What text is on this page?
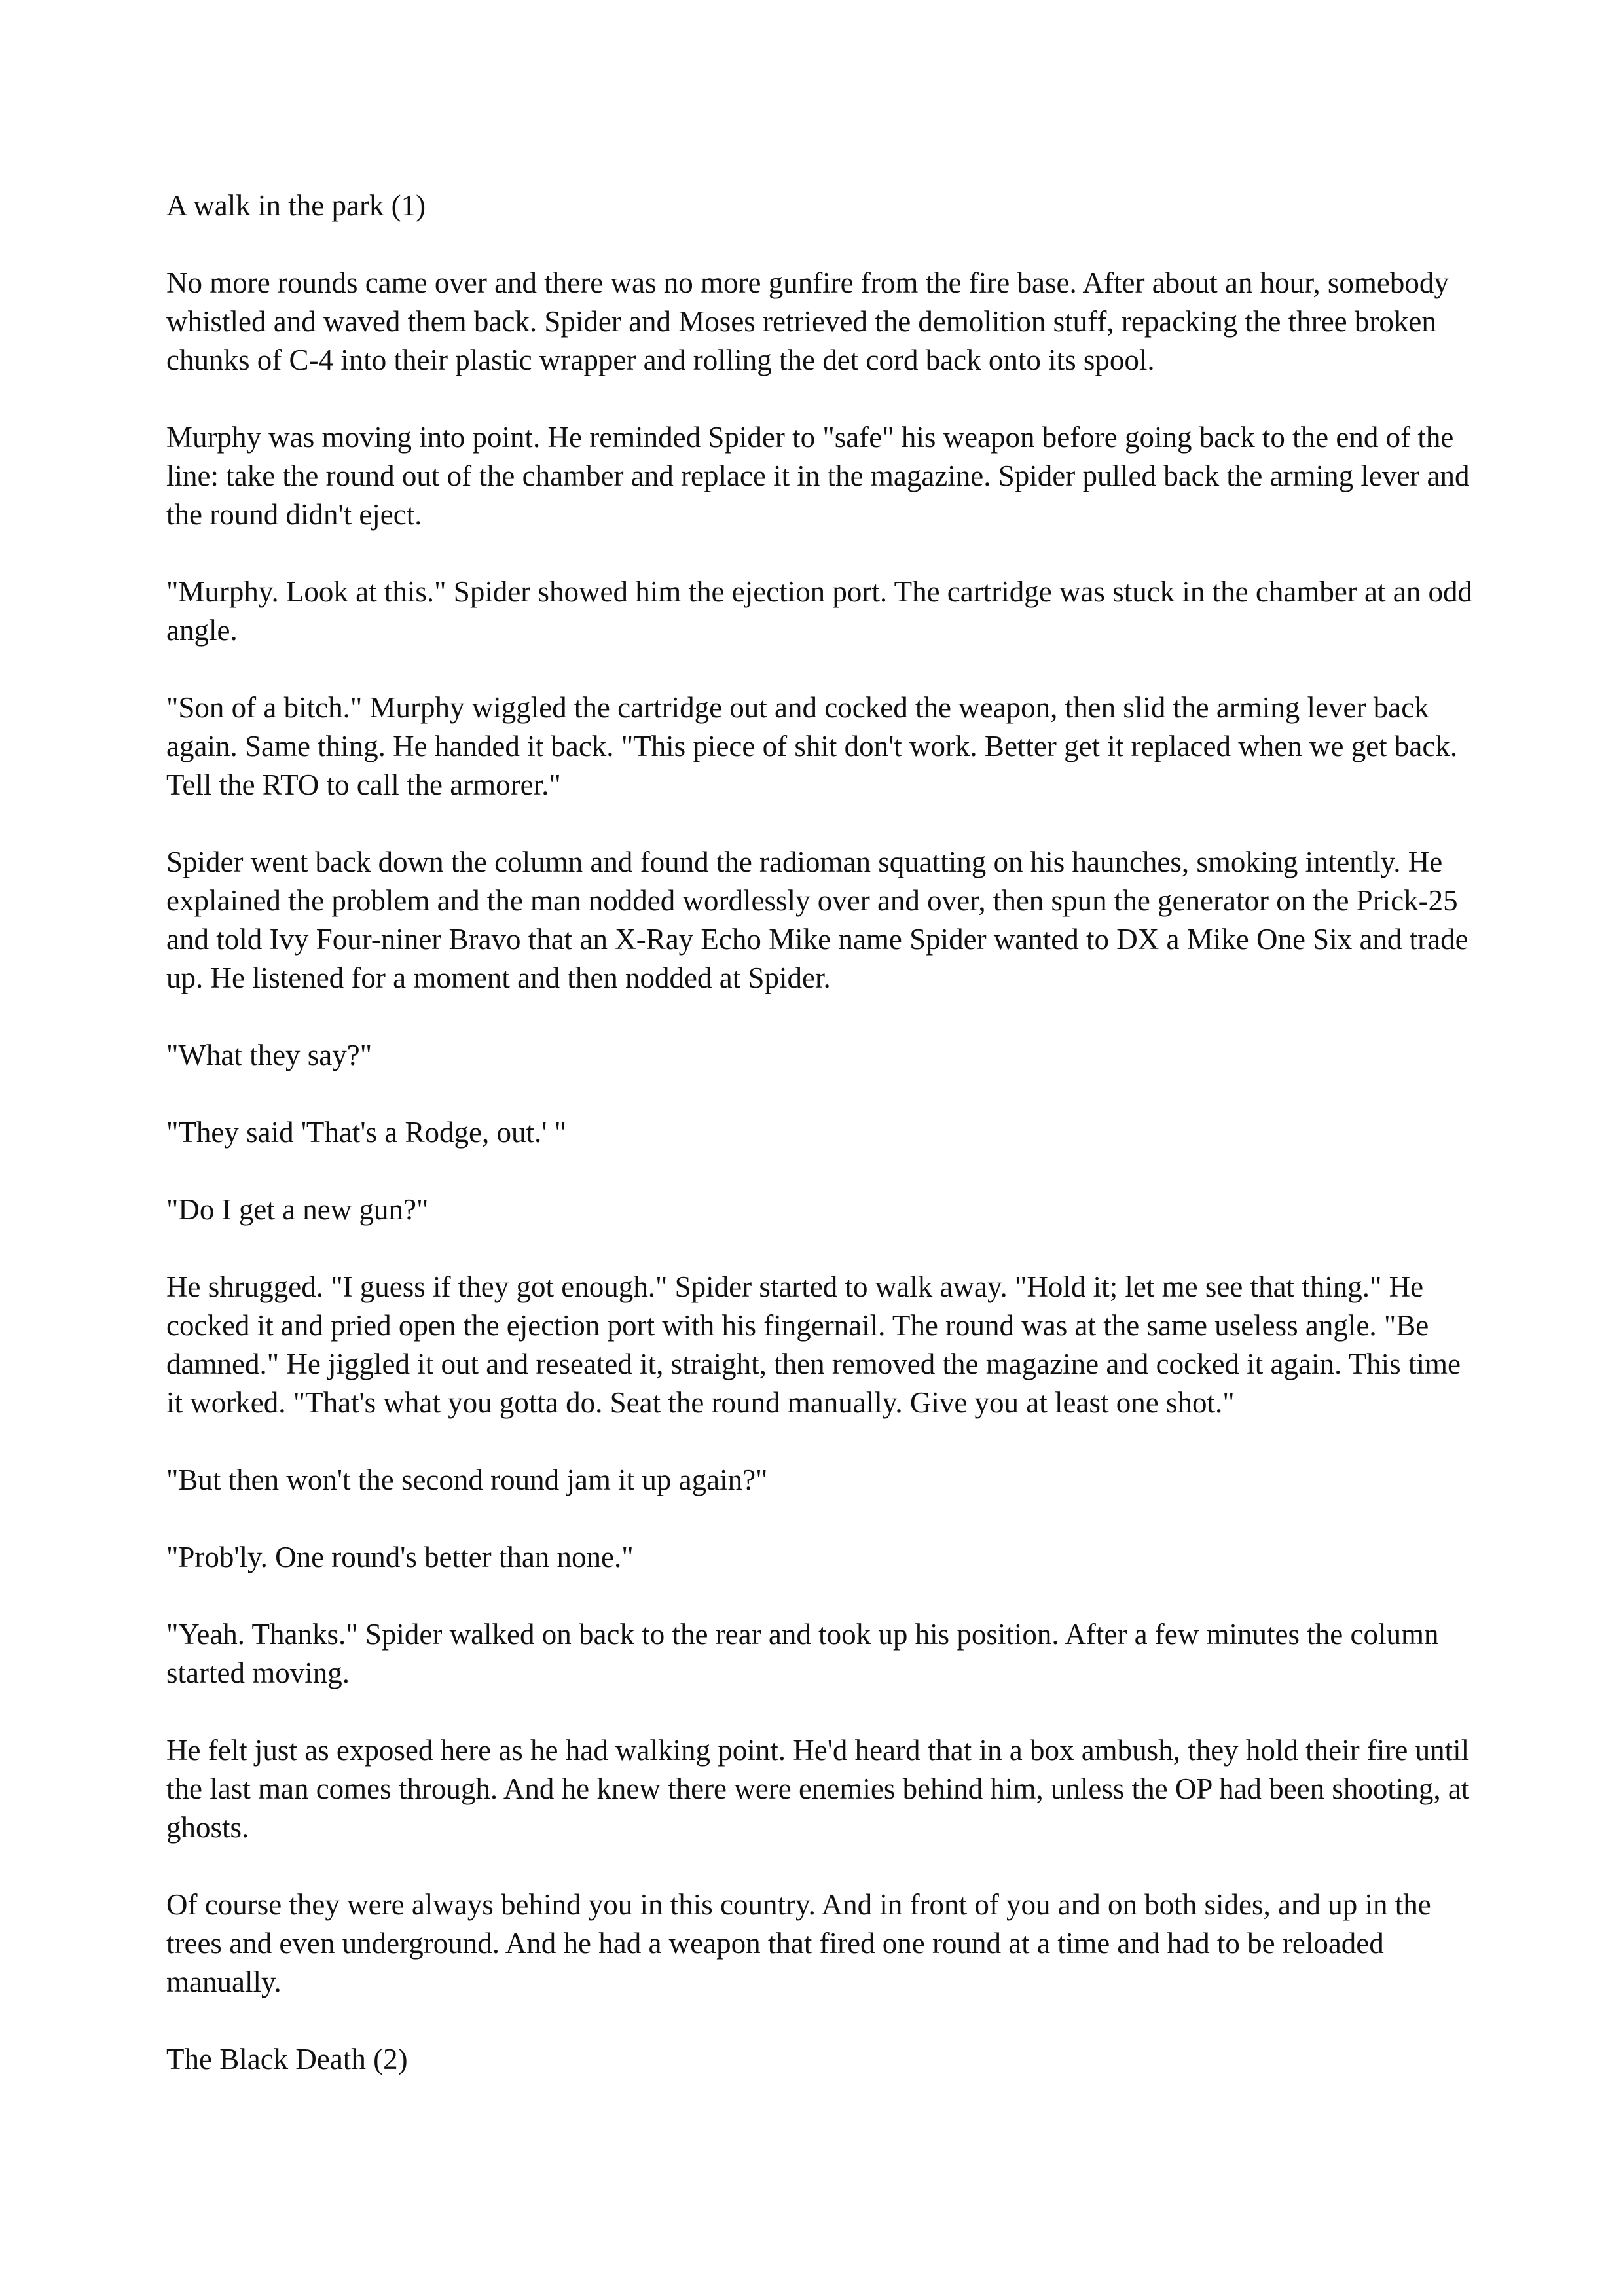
A walk in the park (1)

No more rounds came over and there was no more gunfire from the fire base. After about an hour, somebody whistled and waved them back. Spider and Moses retrieved the demolition stuff, repacking the three broken chunks of C-4 into their plastic wrapper and rolling the det cord back onto its spool.

Murphy was moving into point. He reminded Spider to "safe" his weapon before going back to the end of the line: take the round out of the chamber and replace it in the magazine. Spider pulled back the arming lever and the round didn't eject.

"Murphy. Look at this." Spider showed him the ejection port. The cartridge was stuck in the chamber at an odd angle.

"Son of a bitch." Murphy wiggled the cartridge out and cocked the weapon, then slid the arming lever back again. Same thing. He handed it back. "This piece of shit don't work. Better get it replaced when we get back. Tell the RTO to call the armorer."

Spider went back down the column and found the radioman squatting on his haunches, smoking intently. He explained the problem and the man nodded wordlessly over and over, then spun the generator on the Prick-25 and told Ivy Four-niner Bravo that an X-Ray Echo Mike name Spider wanted to DX a Mike One Six and trade up. He listened for a moment and then nodded at Spider.

"What they say?"

"They said 'That's a Rodge, out.' "

"Do I get a new gun?"

He shrugged. "I guess if they got enough." Spider started to walk away. "Hold it; let me see that thing." He cocked it and pried open the ejection port with his fingernail. The round was at the same useless angle. "Be damned." He jiggled it out and reseated it, straight, then removed the magazine and cocked it again. This time it worked. "That's what you gotta do. Seat the round manually. Give you at least one shot."

"But then won't the second round jam it up again?"

"Prob'ly. One round's better than none."

"Yeah. Thanks." Spider walked on back to the rear and took up his position. After a few minutes the column started moving.

He felt just as exposed here as he had walking point. He'd heard that in a box ambush, they hold their fire until the last man comes through. And he knew there were enemies behind him, unless the OP had been shooting, at ghosts.

Of course they were always behind you in this country. And in front of you and on both sides, and up in the trees and even underground. And he had a weapon that fired one round at a time and had to be reloaded manually.

The Black Death (2)
